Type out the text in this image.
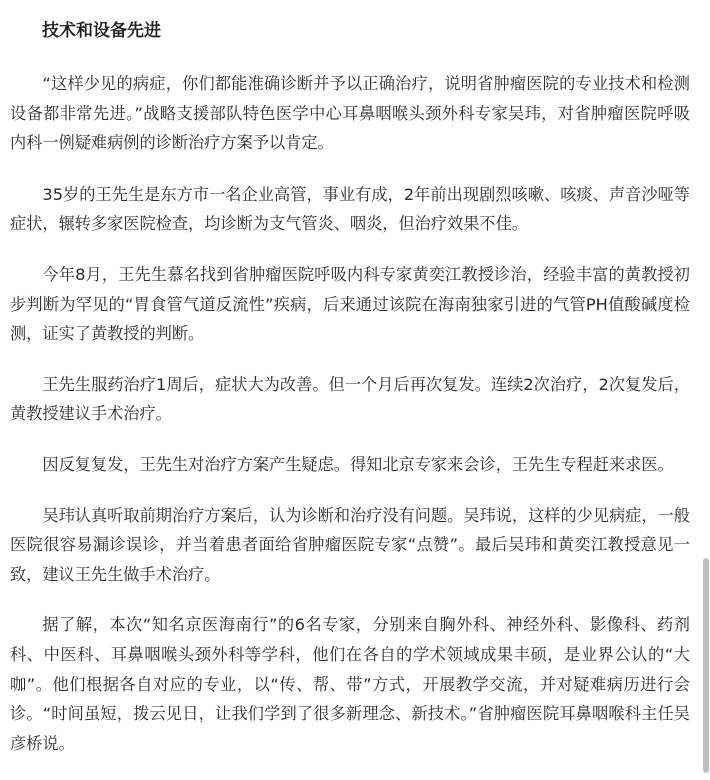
技术和设备先进

“这样少见的病症，你们都能准确诊断并予以正确治疗，说明省肿瘤医院的专业技术和检测设备都非常先进。”战略支援部队特色医学中心耳鼻咽喉头颈外科专家吴玮，对省肿瘤医院呼吸内科一例疑难病例的诊断治疗方案予以肯定。

35岁的王先生是东方市一名企业高管，事业有成，2年前出现剧烈咳嗽、咳痰、声音沙哑等症状，辗转多家医院检查，均诊断为支气管炎、咽炎，但治疗效果不佳。

今年8月，王先生慕名找到省肿瘤医院呼吸内科专家黄奕江教授诊治，经验丰富的黄教授初步判断为罕见的“胃食管气道反流性”疾病，后来通过该院在海南独家引进的气管PH值酸碱度检测，证实了黄教授的判断。

王先生服药治疗1周后，症状大为改善。但一个月后再次复发。连续2次治疗，2次复发后，黄教授建议手术治疗。

因反复复发，王先生对治疗方案产生疑虑。得知北京专家来会诊，王先生专程赶来求医。

吴玮认真听取前期治疗方案后，认为诊断和治疗没有问题。吴玮说，这样的少见病症，一般医院很容易漏诊误诊，并当着患者面给省肿瘤医院专家“点赞”。最后吴玮和黄奕江教授意见一致，建议王先生做手术治疗。

据了解，本次“知名京医海南行”的6名专家，分别来自胸外科、神经外科、影像科、药剂科、中医科、耳鼻咽喉头颈外科等学科，他们在各自的学术领域成果丰硕，是业界公认的“大咖”。他们根据各自对应的专业，以“传、帮、带”方式，开展教学交流，并对疑难病历进行会诊。“时间虽短，拨云见日，让我们学到了很多新理念、新技术。”省肿瘤医院耳鼻咽喉科主任吴彦桥说。
